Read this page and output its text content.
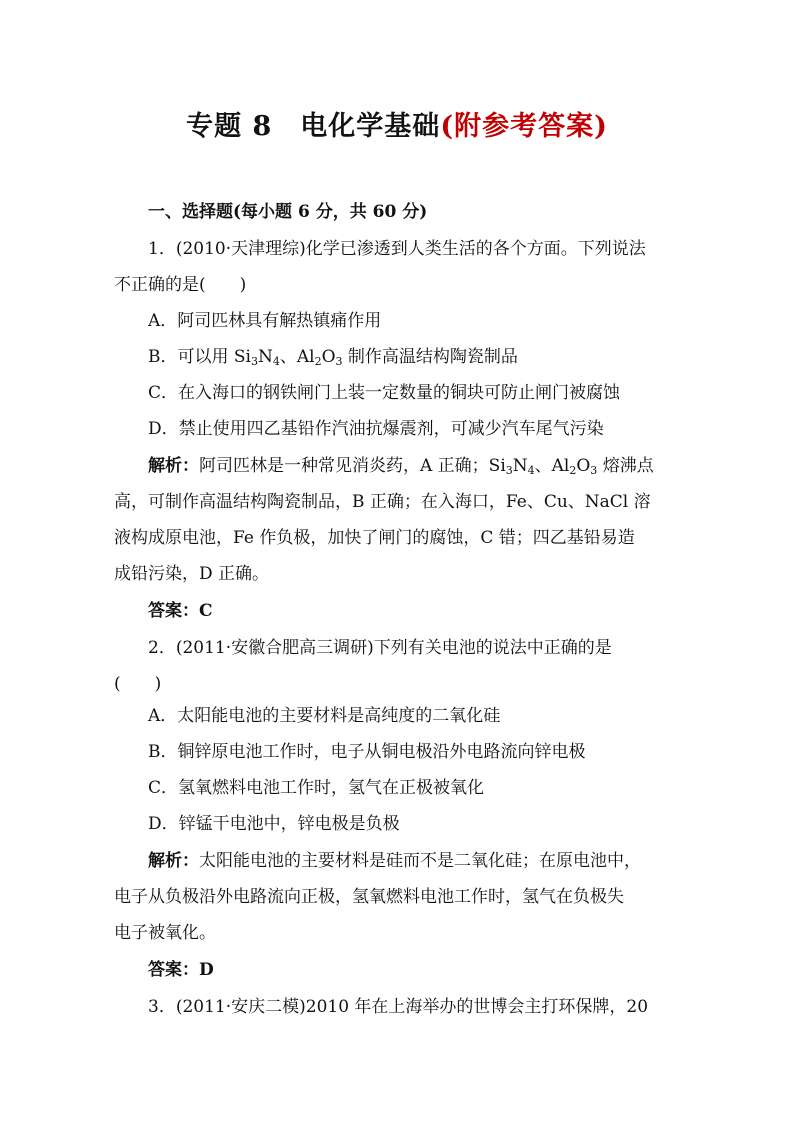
专题 8　电化学基础(附参考答案)
一、选择题(每小题 6 分，共 60 分)
1．(2010·天津理综)化学已渗透到人类生活的各个方面。下列说法
不正确的是(　　)
A．阿司匹林具有解热镇痛作用
B．可以用 $Si_3N_4$、$Al_2O_3$ 制作高温结构陶瓷制品
C．在入海口的钢铁闸门上装一定数量的铜块可防止闸门被腐蚀
D．禁止使用四乙基铅作汽油抗爆震剂，可减少汽车尾气污染
解析：阿司匹林是一种常见消炎药，A 正确；$Si_3N_4$、$Al_2O_3$ 熔沸点
高，可制作高温结构陶瓷制品，B 正确；在入海口，Fe、Cu、NaCl 溶
液构成原电池，Fe 作负极，加快了闸门的腐蚀，C 错；四乙基铅易造
成铅污染，D 正确。
答案：C
2．(2011·安徽合肥高三调研)下列有关电池的说法中正确的是
(　　)
A．太阳能电池的主要材料是高纯度的二氧化硅
B．铜锌原电池工作时，电子从铜电极沿外电路流向锌电极
C．氢氧燃料电池工作时，氢气在正极被氧化
D．锌锰干电池中，锌电极是负极
解析：太阳能电池的主要材料是硅而不是二氧化硅；在原电池中，
电子从负极沿外电路流向正极，氢氧燃料电池工作时，氢气在负极失
电子被氧化。
答案：D
3．(2011·安庆二模)2010 年在上海举办的世博会主打环保牌，20
